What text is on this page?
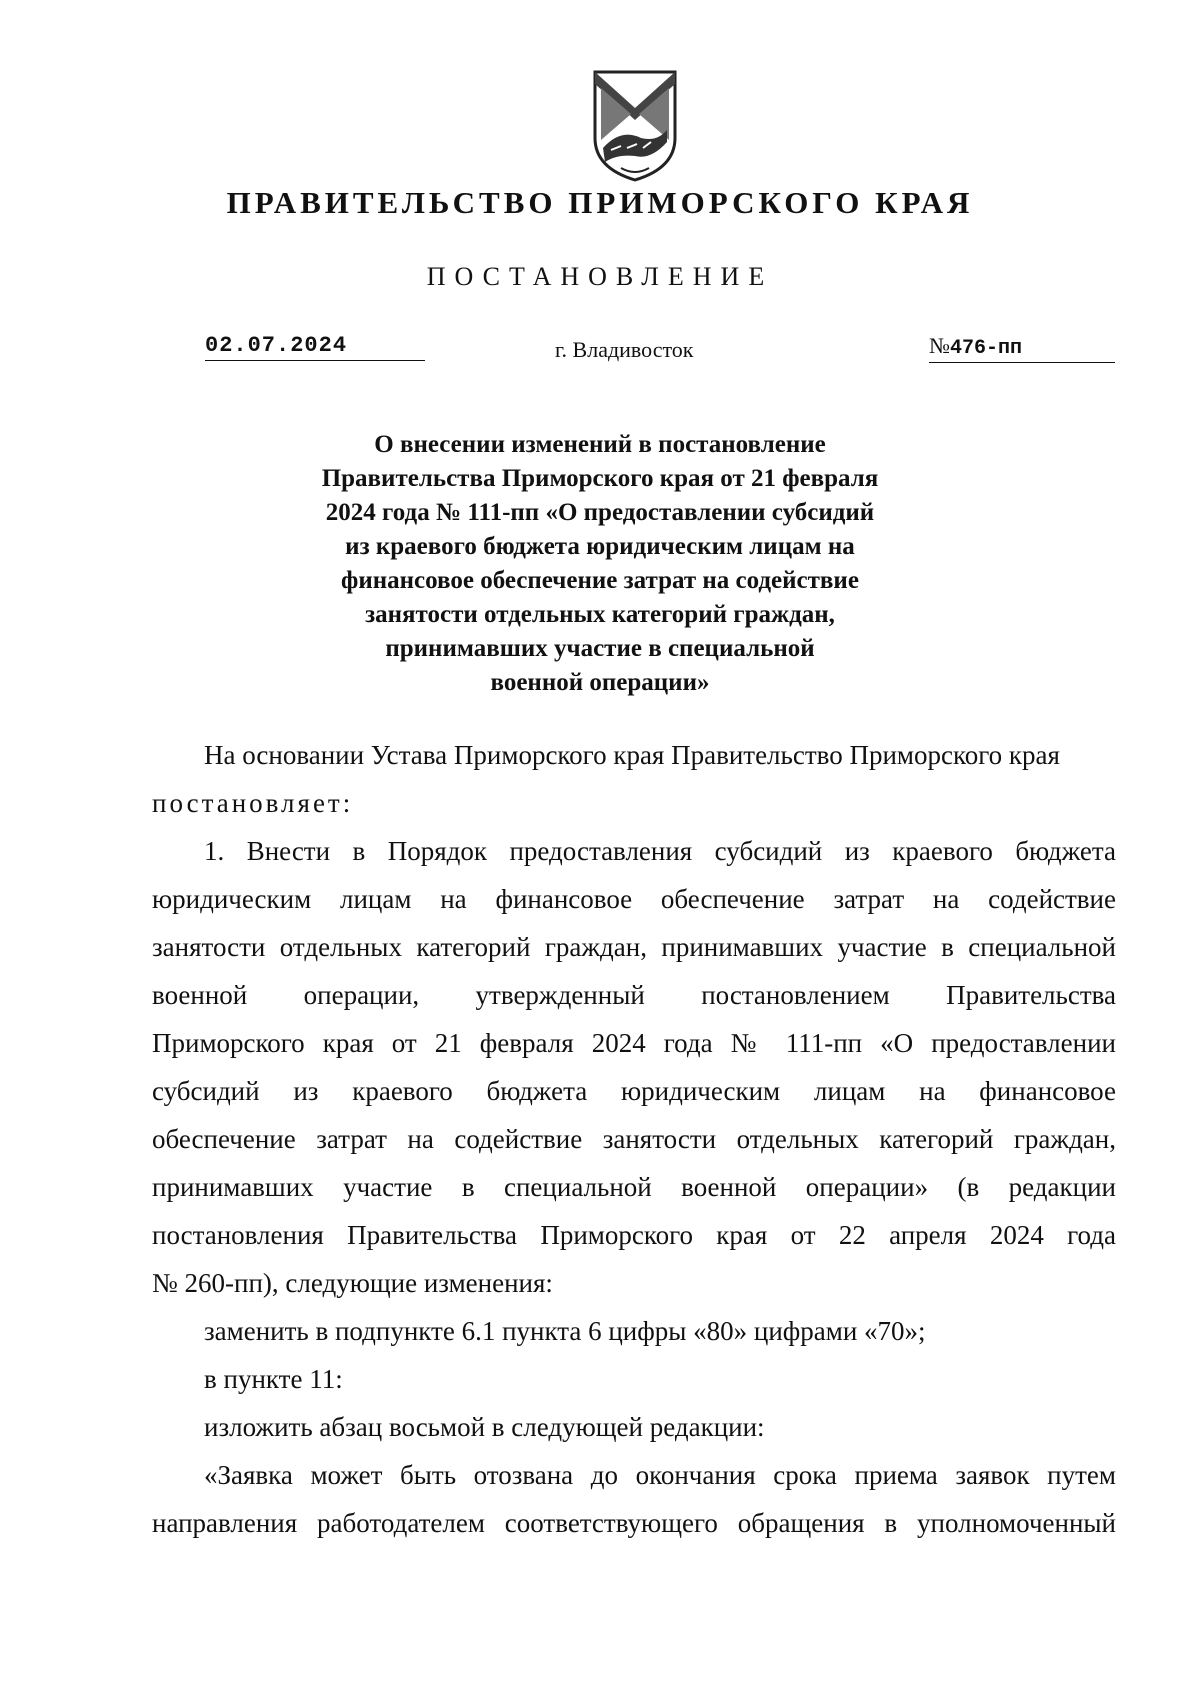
ПРАВИТЕЛЬСТВО ПРИМОРСКОГО КРАЯ
ПОСТАНОВЛЕНИЕ
02.07.2024	г. Владивосток	№476-пп
О внесении изменений в постановление
Правительства Приморского края от 21 февраля
2024 года № 111-пп «О предоставлении субсидий
из краевого бюджета юридическим лицам на
финансовое обеспечение затрат на содействие
занятости отдельных категорий граждан,
принимавших участие в специальной
военной операции»
На основании Устава Приморского края Правительство Приморского края
постановляет:
1. Внести в Порядок предоставления субсидий из краевого бюджета
юридическим лицам на финансовое обеспечение затрат на содействие
занятости отдельных категорий граждан, принимавших участие в специальной
военной операции, утвержденный постановлением Правительства
Приморского края от 21 февраля 2024 года № 111-пп «О предоставлении
субсидий из краевого бюджета юридическим лицам на финансовое
обеспечение затрат на содействие занятости отдельных категорий граждан,
принимавших участие в специальной военной операции» (в редакции
постановления Правительства Приморского края от 22 апреля 2024 года
№ 260-пп), следующие изменения:
заменить в подпункте 6.1 пункта 6 цифры «80» цифрами «70»;
в пункте 11:
изложить абзац восьмой в следующей редакции:
«Заявка может быть отозвана до окончания срока приема заявок путем
направления работодателем соответствующего обращения в уполномоченный
